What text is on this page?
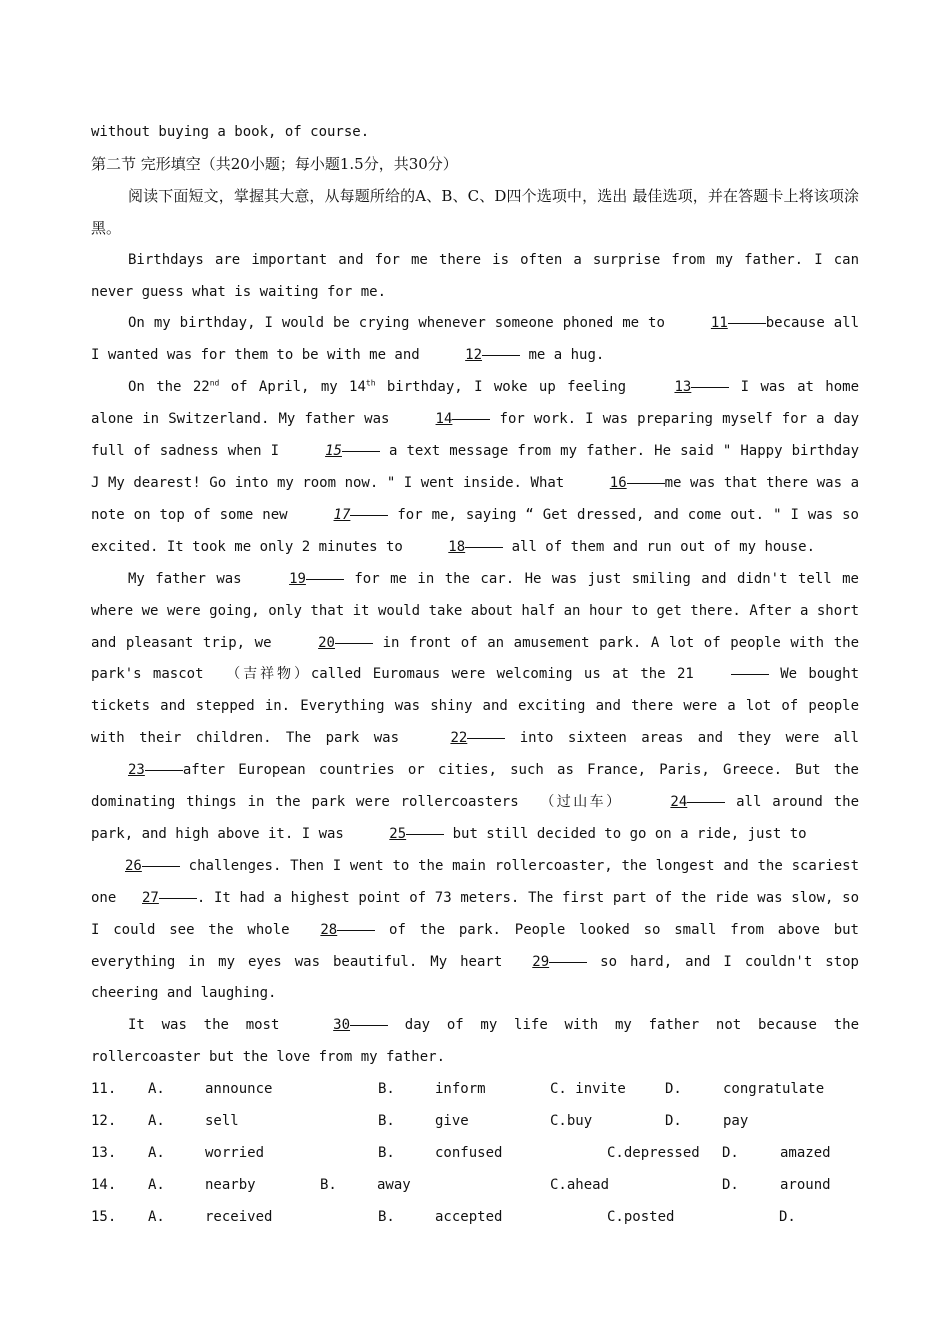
without buying a book, of course.

第二节 完形填空（共20小题；每小题1.5分，共30分）

阅读下面短文，掌握其大意，从每题所给的A、B、C、D四个选项中，选出 最佳选项，并在答题卡上将该项涂黑。

Birthdays are important and for me there is often a surprise from my father. I can never guess what is waiting for me.

On my birthday, I would be crying whenever someone phoned me to	11	because all I wanted was for them to be with me and	12	me a hug.

On the 22nd of April, my 14th birthday, I woke up feeling	13	I was at home alone in Switzerland. My father was	14	for work. I was preparing myself for a day full of sadness when I	15	a text message from my father. He said " Happy birthday J My dearest! Go into my room now. " I went inside. What	16	me was that there was a note on top of some new	17	for me, saying “ Get dressed, and come out. " I was so excited. It took me only 2 minutes to	18	all of them and run out of my house.

My father was	19	for me in the car. He was just smiling and didn't tell me where we were going, only that it would take about half an hour to get there. After a short and pleasant trip, we	20	in front of an amusement park. A lot of people with the park's mascot  （吉祥物）called Euromaus were welcoming us at the 21	We bought tickets and stepped in. Everything was shiny and exciting and there were a lot of people with their children. The park was	22	into sixteen areas and they were all 23	after European countries or cities, such as France, Paris, Greece. But the dominating things in the park were rollercoasters  （过山车）	24	all around the park, and high above it. I was	25	but still decided to go on a ride, just to

26	challenges. Then I went to the main rollercoaster, the longest and the scariest one 27	. It had a highest point of 73 meters. The first part of the ride was slow, so I could see the whole 28	of the park. People looked so small from above but everything in my eyes was beautiful. My heart 29	so hard, and I couldn't stop cheering and laughing.

It was the most	30	day of my life with my father not because the rollercoaster but the love from my father.

11. A.	announce	B.	inform	C. invite	D.	congratulate
12. A.	sell	B.	give	C.buy	D.	pay
13. A.	worried	B.	confused	C.depressed D.	amazed
14. A.	nearby	B.	away	C.ahead	D.	around
15. A.	received	B.	accepted	C.posted	D.
